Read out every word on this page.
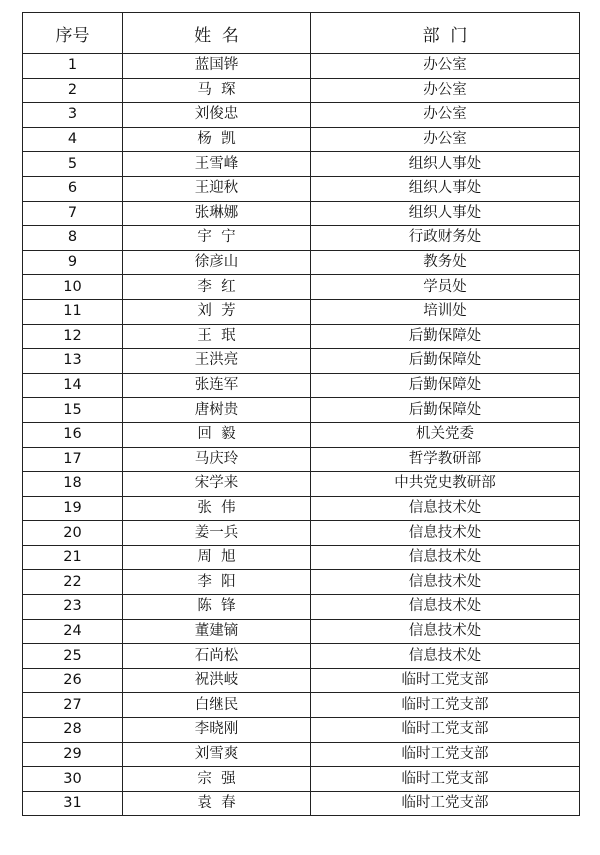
序号	姓  名	部  门
1	蓝国铧	办公室
2	马  琛	办公室
3	刘俊忠	办公室
4	杨  凯	办公室
5	王雪峰	组织人事处
6	王迎秋	组织人事处
7	张琳娜	组织人事处
8	宇  宁	行政财务处
9	徐彦山	教务处
10	李  红	学员处
11	刘  芳	培训处
12	王  珉	后勤保障处
13	王洪亮	后勤保障处
14	张连军	后勤保障处
15	唐树贵	后勤保障处
16	回  毅	机关党委
17	马庆玲	哲学教研部
18	宋学来	中共党史教研部
19	张  伟	信息技术处
20	姜一兵	信息技术处
21	周  旭	信息技术处
22	李  阳	信息技术处
23	陈  锋	信息技术处
24	董建镝	信息技术处
25	石尚松	信息技术处
26	祝洪岐	临时工党支部
27	白继民	临时工党支部
28	李晓刚	临时工党支部
29	刘雪爽	临时工党支部
30	宗  强	临时工党支部
31	袁  春	临时工党支部
